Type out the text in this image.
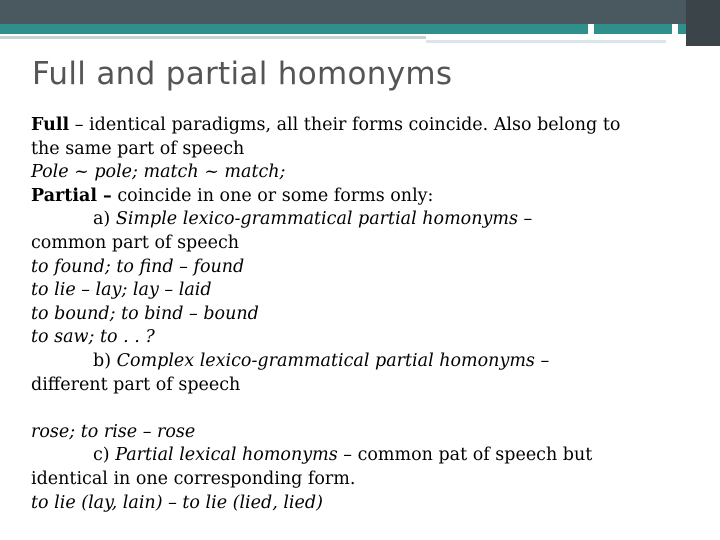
Full and partial homonyms

Full – identical paradigms, all their forms coincide. Also belong to

the same part of speech

Pole ~ pole; match ~ match;

Partial – coincide in one or some forms only:

a) Simple lexico-grammatical partial homonyms –

common part of speech

to found; to find – found

to lie – lay; lay – laid

to bound; to bind – bound

to saw; to . . ?

b) Complex lexico-grammatical partial homonyms –

different part of speech

rose; to rise – rose

c) Partial lexical homonyms – common pat of speech but

identical in one corresponding form.

to lie (lay, lain) – to lie (lied, lied)
